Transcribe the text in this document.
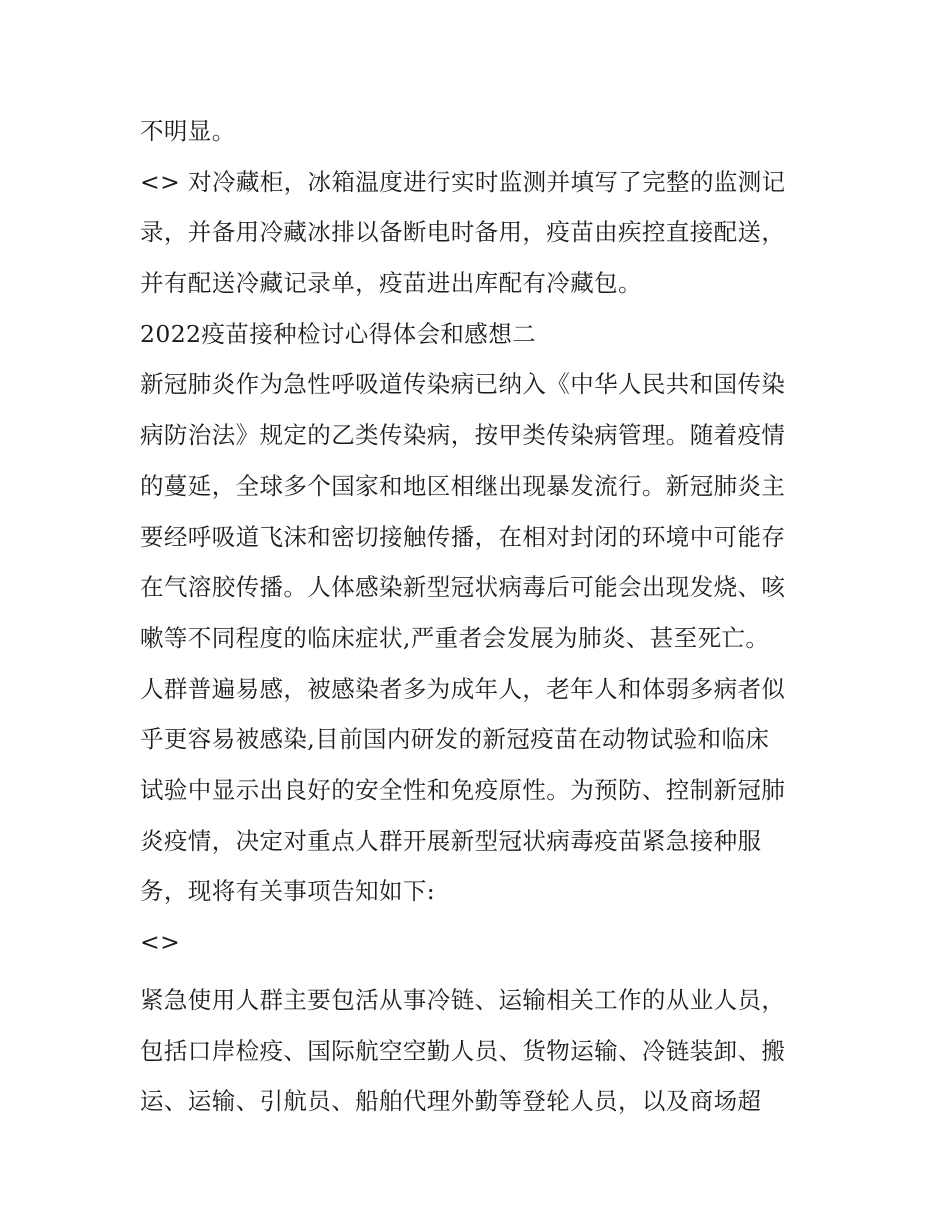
不明显。
<> 对冷藏柜，冰箱温度进行实时监测并填写了完整的监测记
录，并备用冷藏冰排以备断电时备用，疫苗由疾控直接配送，
并有配送冷藏记录单，疫苗进出库配有冷藏包。
2022疫苗接种检讨心得体会和感想二
新冠肺炎作为急性呼吸道传染病已纳入《中华人民共和国传染
病防治法》规定的乙类传染病，按甲类传染病管理。随着疫情
的蔓延，全球多个国家和地区相继出现暴发流行。新冠肺炎主
要经呼吸道飞沫和密切接触传播，在相对封闭的环境中可能存
在气溶胶传播。人体感染新型冠状病毒后可能会出现发烧、咳
嗽等不同程度的临床症状,严重者会发展为肺炎、甚至死亡。
人群普遍易感，被感染者多为成年人，老年人和体弱多病者似
乎更容易被感染,目前国内研发的新冠疫苗在动物试验和临床
试验中显示出良好的安全性和免疫原性。为预防、控制新冠肺
炎疫情，决定对重点人群开展新型冠状病毒疫苗紧急接种服
务，现将有关事项告知如下:
<>
紧急使用人群主要包活从事冷链、运输相关工作的从业人员，
包括口岸检疫、国际航空空勤人员、货物运输、冷链装卸、搬
运、运输、引航员、船舶代理外勤等登轮人员，以及商场超
